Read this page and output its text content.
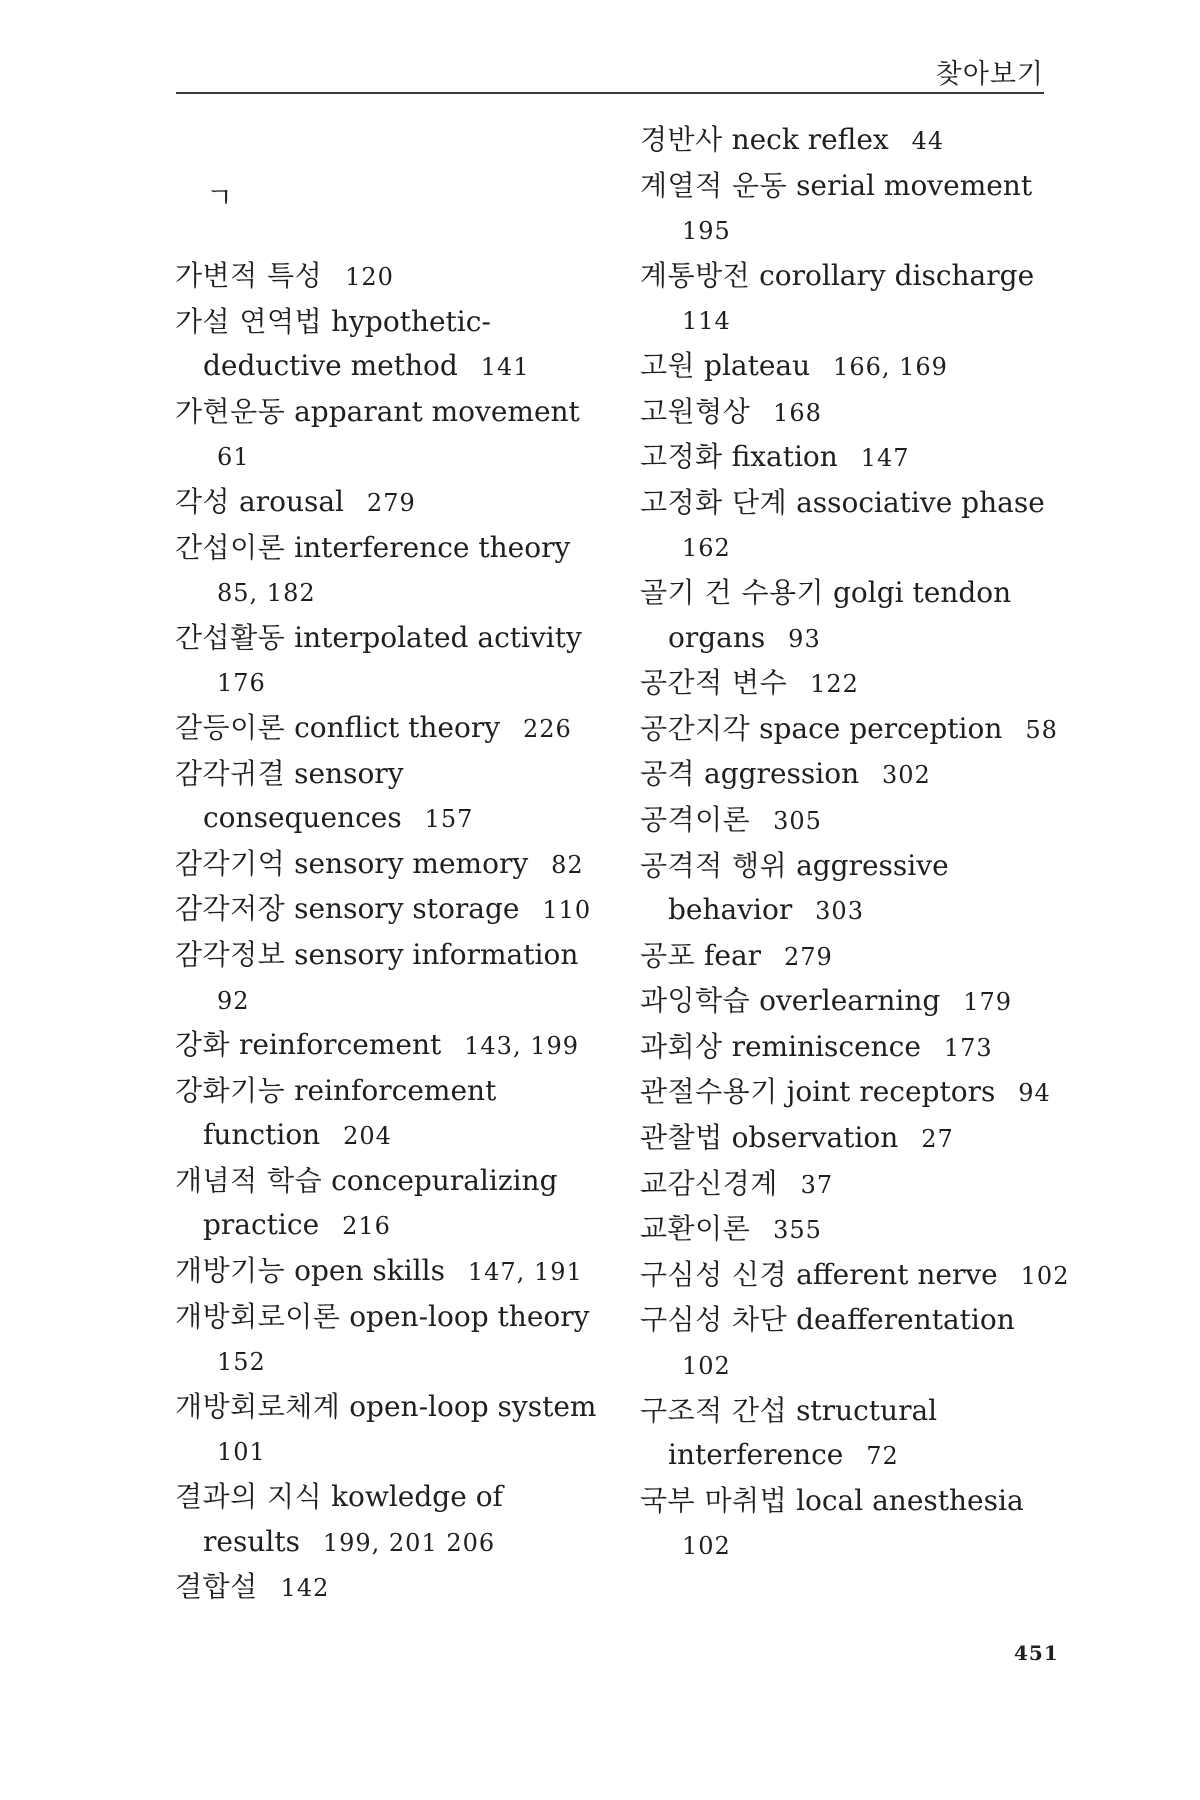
찾아보기
ㄱ

가변적 특성 120

가설 연역법 hypothetic-deductive method 141

가현운동 apparant movement 61

각성 arousal 279

간섭이론 interference theory 85, 182

간섭활동 interpolated activity 176

갈등이론 conflict theory 226

감각귀결 sensory consequences 157

감각기억 sensory memory 82

감각저장 sensory storage 110

감각정보 sensory information 92

강화 reinforcement 143, 199

강화기능 reinforcement function 204

개념적 학습 concepuralizing practice 216

개방기능 open skills 147, 191

개방회로이론 open-loop theory 152

개방회로체계 open-loop system 101

결과의 지식 kowledge of results 199, 201 206

결합설 142

경반사 neck reflex 44

계열적 운동 serial movement 195

계통방전 corollary discharge 114

고원 plateau 166, 169

고원형상 168

고정화 fixation 147

고정화 단계 associative phase 162

골기 건 수용기 golgi tendon organs 93

공간적 변수 122

공간지각 space perception 58

공격 aggression 302

공격이론 305

공격적 행위 aggressive behavior 303

공포 fear 279

과잉학습 overlearning 179

과회상 reminiscence 173

관절수용기 joint receptors 94

관찰법 observation 27

교감신경계 37

교환이론 355

구심성 신경 afferent nerve 102

구심성 차단 deafferentation 102

구조적 간섭 structural interference 72

국부 마취법 local anesthesia 102

451
